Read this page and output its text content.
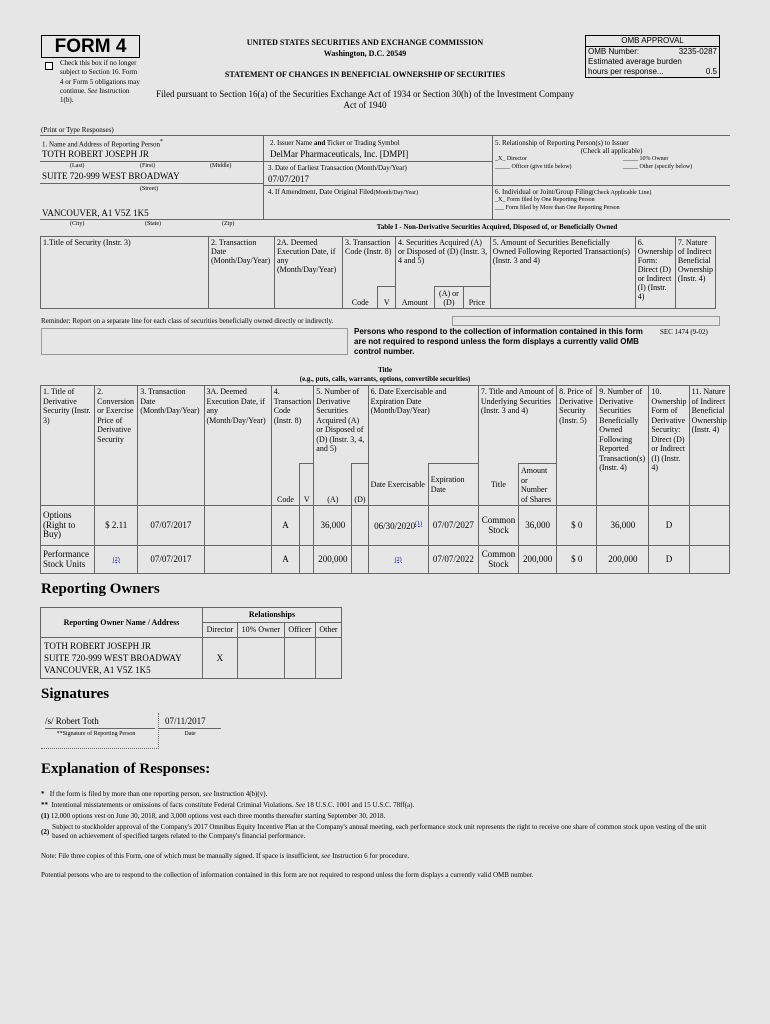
FORM 4
Check this box if no longer subject to Section 16. Form 4 or Form 5 obligations may continue. See Instruction 1(b).
UNITED STATES SECURITIES AND EXCHANGE COMMISSION
Washington, D.C. 20549
STATEMENT OF CHANGES IN BENEFICIAL OWNERSHIP OF SECURITIES
Filed pursuant to Section 16(a) of the Securities Exchange Act of 1934 or Section 30(h) of the Investment Company Act of 1940
OMB APPROVAL
OMB Number:	3235-0287
Estimated average burden
hours per response...	0.5
(Print or Type Responses)
1. Name and Address of Reporting Person*
TOTH ROBERT JOSEPH JR
(Last)	(First)	(Middle)
SUITE 720-999 WEST BROADWAY
(Street)
VANCOUVER, A1 V5Z 1K5
2. Issuer Name and Ticker or Trading Symbol
DelMar Pharmaceuticals, Inc. [DMPI]
3. Date of Earliest Transaction (Month/Day/Year)
07/07/2017
4. If Amendment, Date Original Filed(Month/Day/Year)
5. Relationship of Reporting Person(s) to Issuer
(Check all applicable)
_X_ Director	_____ 10% Owner
_____ Officer (give title below)	_____ Other (specify below)
6. Individual or Joint/Group Filing(Check Applicable Line)
_X_ Form filed by One Reporting Person
___ Form filed by More than One Reporting Person
(City)	(State)	(Zip)	Table I - Non-Derivative Securities Acquired, Disposed of, or Beneficially Owned
1.Title of Security (Instr. 3)	2. Transaction Date (Month/Day/Year)	2A. Deemed Execution Date, if any (Month/Day/Year)	3. Transaction Code (Instr. 8)		4. Securities Acquired (A) or Disposed of (D) (Instr. 3, 4 and 5)			5. Amount of Securities Beneficially Owned Following Reported Transaction(s) (Instr. 3 and 4)	6. Ownership Form: Direct (D) or Indirect (I) (Instr. 4)	7. Nature of Indirect Beneficial Ownership (Instr. 4)
			Code	V	Amount	(A) or (D)	Price			
Reminder: Report on a separate line for each class of securities beneficially owned directly or indirectly.
Persons who respond to the collection of information contained in this form are not required to respond unless the form displays a currently valid OMB control number.
SEC 1474 (9-02)
Title
(e.g., puts, calls, warrants, options, convertible securities)
1. Title of Derivative Security (Instr. 3)	2. Conversion or Exercise Price of Derivative Security	3. Transaction Date (Month/Day/Year)	3A. Deemed Execution Date, if any (Month/Day/Year)	4. Transaction Code (Instr. 8)		5. Number of Derivative Securities Acquired (A) or Disposed of (D) (Instr. 3, 4, and 5)		6. Date Exercisable and Expiration Date (Month/Day/Year)		7. Title and Amount of Underlying Securities (Instr. 3 and 4)		8. Price of Derivative Security (Instr. 5)	9. Number of Derivative Securities Beneficially Owned Following Reported Transaction(s) (Instr. 4)	10. Ownership Form of Derivative Security: Direct (D) or Indirect (I) (Instr. 4)	11. Nature of Indirect Beneficial Ownership (Instr. 4)
				Code	V	(A)	(D)	Date Exercisable	Expiration Date	Title	Amount or Number of Shares				
Options (Right to Buy)	$ 2.11	07/07/2017		A		36,000		06/30/2020$^{(1)}$	07/07/2027	Common Stock	36,000	$ 0	36,000	D	
Performance Stock Units	(2)	07/07/2017		A		200,000		(2)	07/07/2022	Common Stock	200,000	$ 0	200,000	D	
Reporting Owners
Reporting Owner Name / Address	Relationships			
	Director	10% Owner	Officer	Other

TOTH ROBERT JOSEPH JR
SUITE 720-999 WEST BROADWAY
VANCOUVER, A1 V5Z 1K5	X			
Signatures
/s/ Robert Toth
**Signature of Reporting Person
07/11/2017
Date
Explanation of Responses:

* If the form is filed by more than one reporting person, see Instruction 4(b)(v).

** Intentional misstatements or omissions of facts constitute Federal Criminal Violations. See 18 U.S.C. 1001 and 15 U.S.C. 78ff(a).

(1) 12,000 options vest on June 30, 2018, and 3,000 options vest each three months thereafter starting September 30, 2018.

(2)
Subject to stockholder approval of the Company's 2017 Omnibus Equity Incentive Plan at the Company's annual meeting, each performance stock unit represents the right to receive one share of common stock upon vesting of the unit based on achievement of specified targets related to the Company's financial performance.

Note: File three copies of this Form, one of which must be manually signed. If space is insufficient, see Instruction 6 for procedure.

Potential persons who are to respond to the collection of information contained in this form are not required to respond unless the form displays a currently valid OMB number.
